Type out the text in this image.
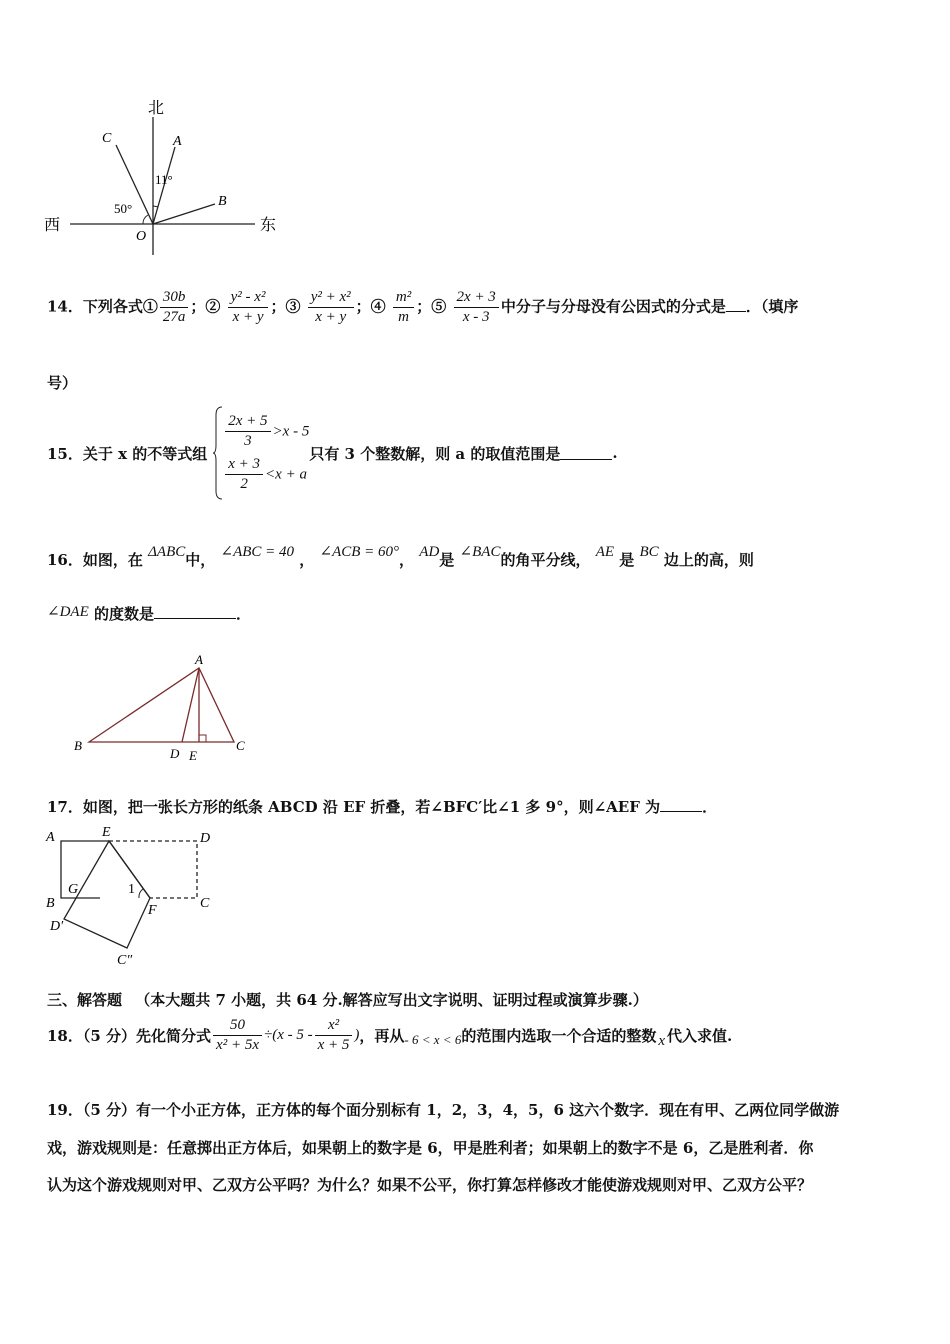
北
西	东
C	A
B
O
50°
11°
14．下列各式① $\frac{30b}{27a}$ ；② $\frac{\text{y² - x²}}{x + y}$ ；③ $\frac{\text{y² + x²}}{x + y}$ ；④ $\frac{\text{m²}}{m}$ ；⑤ $\frac{2x + 3}{x - 3}$ 中分子与分母没有公因式的分式是 ．（填序
号）
15．关于 x 的不等式组
$\frac{2x + 5}{3} >x - 5$
$\frac{x + 3}{2} <x + a$
只有 3 个整数解，则 a 的取值范围是	.
16．如图，在 ΔABC中， ∠ABC = 40 ， ∠ACB = 60°， AD是 ∠BAC的角平分线， AE 是 BC 边上的高，则
∠DAE 的度数是	．
A
B	C
D E
17．如图，把一张长方形的纸条 ABCD 沿 EF 折叠，若∠BFC′比∠1 多 9°，则∠AEF 为	．
A	E	D
B
G	1
F	C
D′
C″
三、解答题 （本大题共 7 小题，共 64 分.解答应写出文字说明、证明过程或演算步骤.）
18．（5 分）先化简分式 $\frac{50}{\text{x² + 5x}} \div(x - 5 - \frac{\text{x²}}{x + 5}$ ) ，再从 - 6 < x < 6 的范围内选取一个合适的整数 x 代入求值.
19．（5 分）有一个小正方体，正方体的每个面分别标有 1，2，3，4，5，6 这六个数字．现在有甲、乙两位同学做游
戏，游戏规则是：任意掷出正方体后，如果朝上的数字是 6，甲是胜利者；如果朝上的数字不是 6，乙是胜利者．你
认为这个游戏规则对甲、乙双方公平吗？为什么？如果不公平，你打算怎样修改才能使游戏规则对甲、乙双方公平？
